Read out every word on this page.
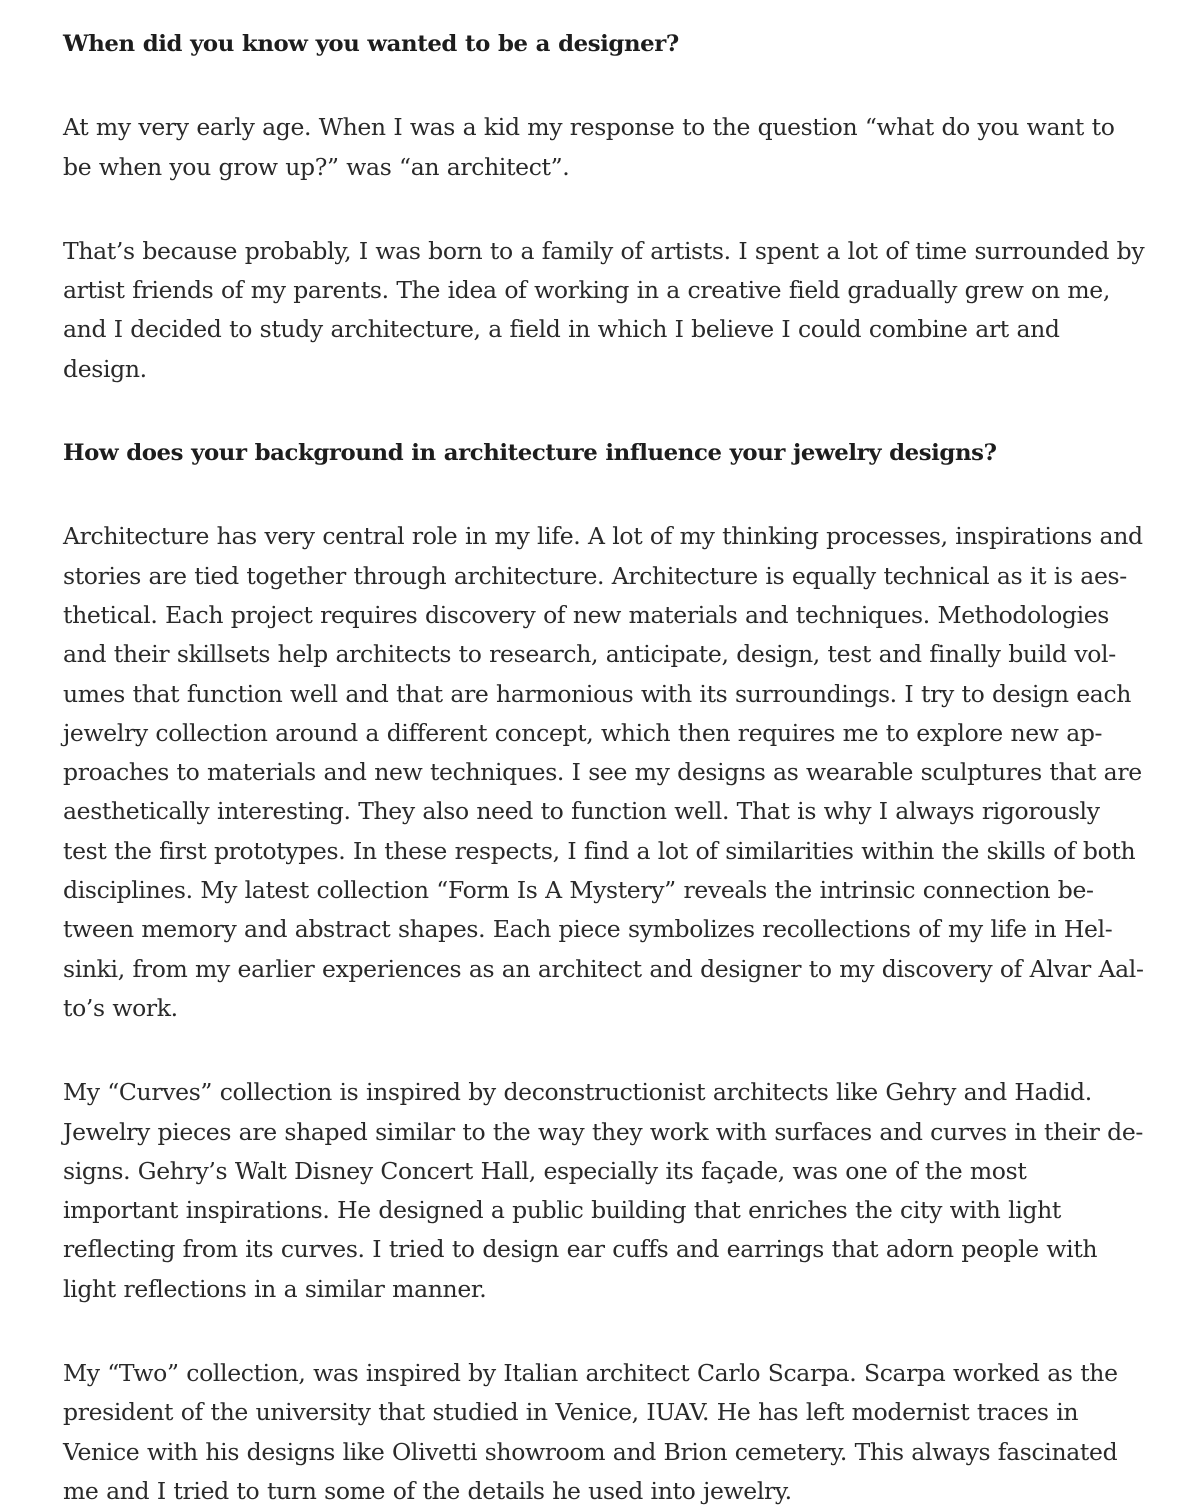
When did you know you wanted to be a designer?

At my very early age. When I was a kid my response to the question “what do you want to be when you grow up?” was “an architect”.

That’s because probably, I was born to a family of artists. I spent a lot of time surrounded by artist friends of my parents. The idea of working in a creative field gradually grew on me, and I decided to study architecture, a field in which I believe I could combine art and design.

How does your background in architecture influence your jewelry designs?

Architecture has very central role in my life. A lot of my thinking processes, inspirations and stories are tied together through architecture. Architecture is equally technical as it is aesthetical. Each project requires discovery of new materials and techniques. Methodologies and their skillsets help architects to research, anticipate, design, test and finally build volumes that function well and that are harmonious with its surroundings. I try to design each jewelry collection around a different concept, which then requires me to explore new approaches to materials and new techniques. I see my designs as wearable sculptures that are aesthetically interesting. They also need to function well. That is why I always rigorously test the first prototypes. In these respects, I find a lot of similarities within the skills of both disciplines. My latest collection “Form Is A Mystery” reveals the intrinsic connection between memory and abstract shapes. Each piece symbolizes recollections of my life in Helsinki, from my earlier experiences as an architect and designer to my discovery of Alvar Aalto’s work.

My “Curves” collection is inspired by deconstructionist architects like Gehry and Hadid. Jewelry pieces are shaped similar to the way they work with surfaces and curves in their designs. Gehry’s Walt Disney Concert Hall, especially its façade, was one of the most important inspirations. He designed a public building that enriches the city with light reflecting from its curves. I tried to design ear cuffs and earrings that adorn people with light reflections in a similar manner.

My “Two” collection, was inspired by Italian architect Carlo Scarpa. Scarpa worked as the president of the university that studied in Venice, IUAV. He has left modernist traces in Venice with his designs like Olivetti showroom and Brion cemetery. This always fascinated me and I tried to turn some of the details he used into jewelry.
